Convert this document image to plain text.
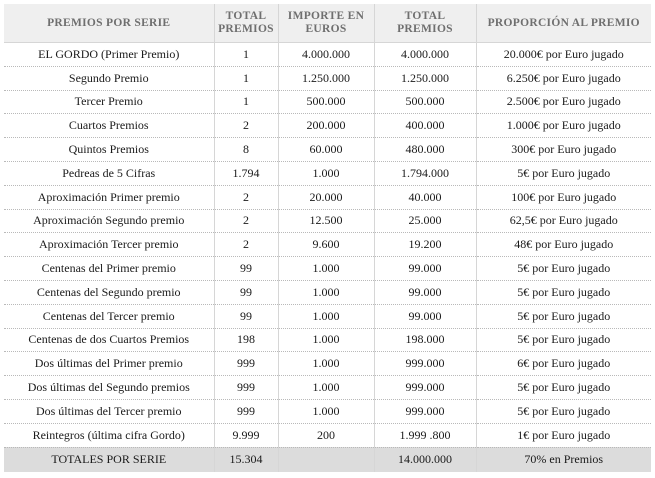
PREMIOS POR SERIE	TOTAL PREMIOS	IMPORTE EN EUROS	TOTAL PREMIOS	PROPORCIÓN AL PREMIO
EL GORDO (Primer Premio)	1	4.000.000	4.000.000	20.000€ por Euro jugado
Segundo Premio	1	1.250.000	1.250.000	6.250€ por Euro jugado
Tercer Premio	1	500.000	500.000	2.500€ por Euro jugado
Cuartos Premios	2	200.000	400.000	1.000€ por Euro jugado
Quintos Premios	8	60.000	480.000	300€ por Euro jugado
Pedreas de 5 Cifras	1.794	1.000	1.794.000	5€ por Euro jugado
Aproximación Primer premio	2	20.000	40.000	100€ por Euro jugado
Aproximación Segundo premio	2	12.500	25.000	62,5€ por Euro jugado
Aproximación Tercer premio	2	9.600	19.200	48€ por Euro jugado
Centenas del Primer premio	99	1.000	99.000	5€ por Euro jugado
Centenas del Segundo premio	99	1.000	99.000	5€ por Euro jugado
Centenas del Tercer premio	99	1.000	99.000	5€ por Euro jugado
Centenas de dos Cuartos Premios	198	1.000	198.000	5€ por Euro jugado
Dos últimas del Primer premio	999	1.000	999.000	6€ por Euro jugado
Dos últimas del Segundo premios	999	1.000	999.000	5€ por Euro jugado
Dos últimas del Tercer premio	999	1.000	999.000	5€ por Euro jugado
Reintegros (última cifra Gordo)	9.999	200	1.999 .800	1€ por Euro jugado
TOTALES POR SERIE	15.304		14.000.000	70% en Premios
